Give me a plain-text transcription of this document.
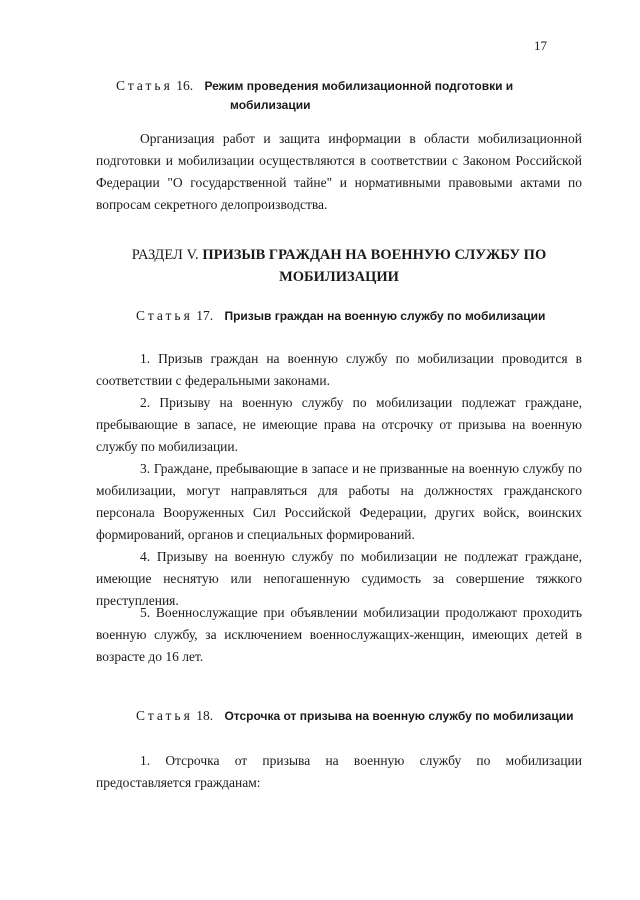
17
Статья 16. Режим проведения мобилизационной подготовки и
мобилизации
Организация работ и защита информации в области мобилизационной подготовки и мобилизации осуществляются в соответствии с Законом Российской Федерации "О государственной тайне" и нормативными правовыми актами по вопросам секретного делопроизводства.
РАЗДЕЛ V. ПРИЗЫВ ГРАЖДАН НА ВОЕННУЮ СЛУЖБУ ПО
МОБИЛИЗАЦИИ
Статья 17. Призыв граждан на военную службу по мобилизации
1. Призыв граждан на военную службу по мобилизации проводится в соответствии с федеральными законами.
2. Призыву на военную службу по мобилизации подлежат граждане, пребывающие в запасе, не имеющие права на отсрочку от призыва на военную службу по мобилизации.
3. Граждане, пребывающие в запасе и не призванные на военную службу по мобилизации, могут направляться для работы на должностях гражданского персонала Вооруженных Сил Российской Федерации, других войск, воинских формирований, органов и специальных формирований.
4. Призыву на военную службу по мобилизации не подлежат граждане, имеющие неснятую или непогашенную судимость за совершение тяжкого преступления.
5. Военнослужащие при объявлении мобилизации продолжают проходить военную службу, за исключением военнослужащих-женщин, имеющих детей в возрасте до 16 лет.
Статья 18. Отсрочка от призыва на военную службу по мобилизации
1. Отсрочка от призыва на военную службу по мобилизации предоставляется гражданам:
